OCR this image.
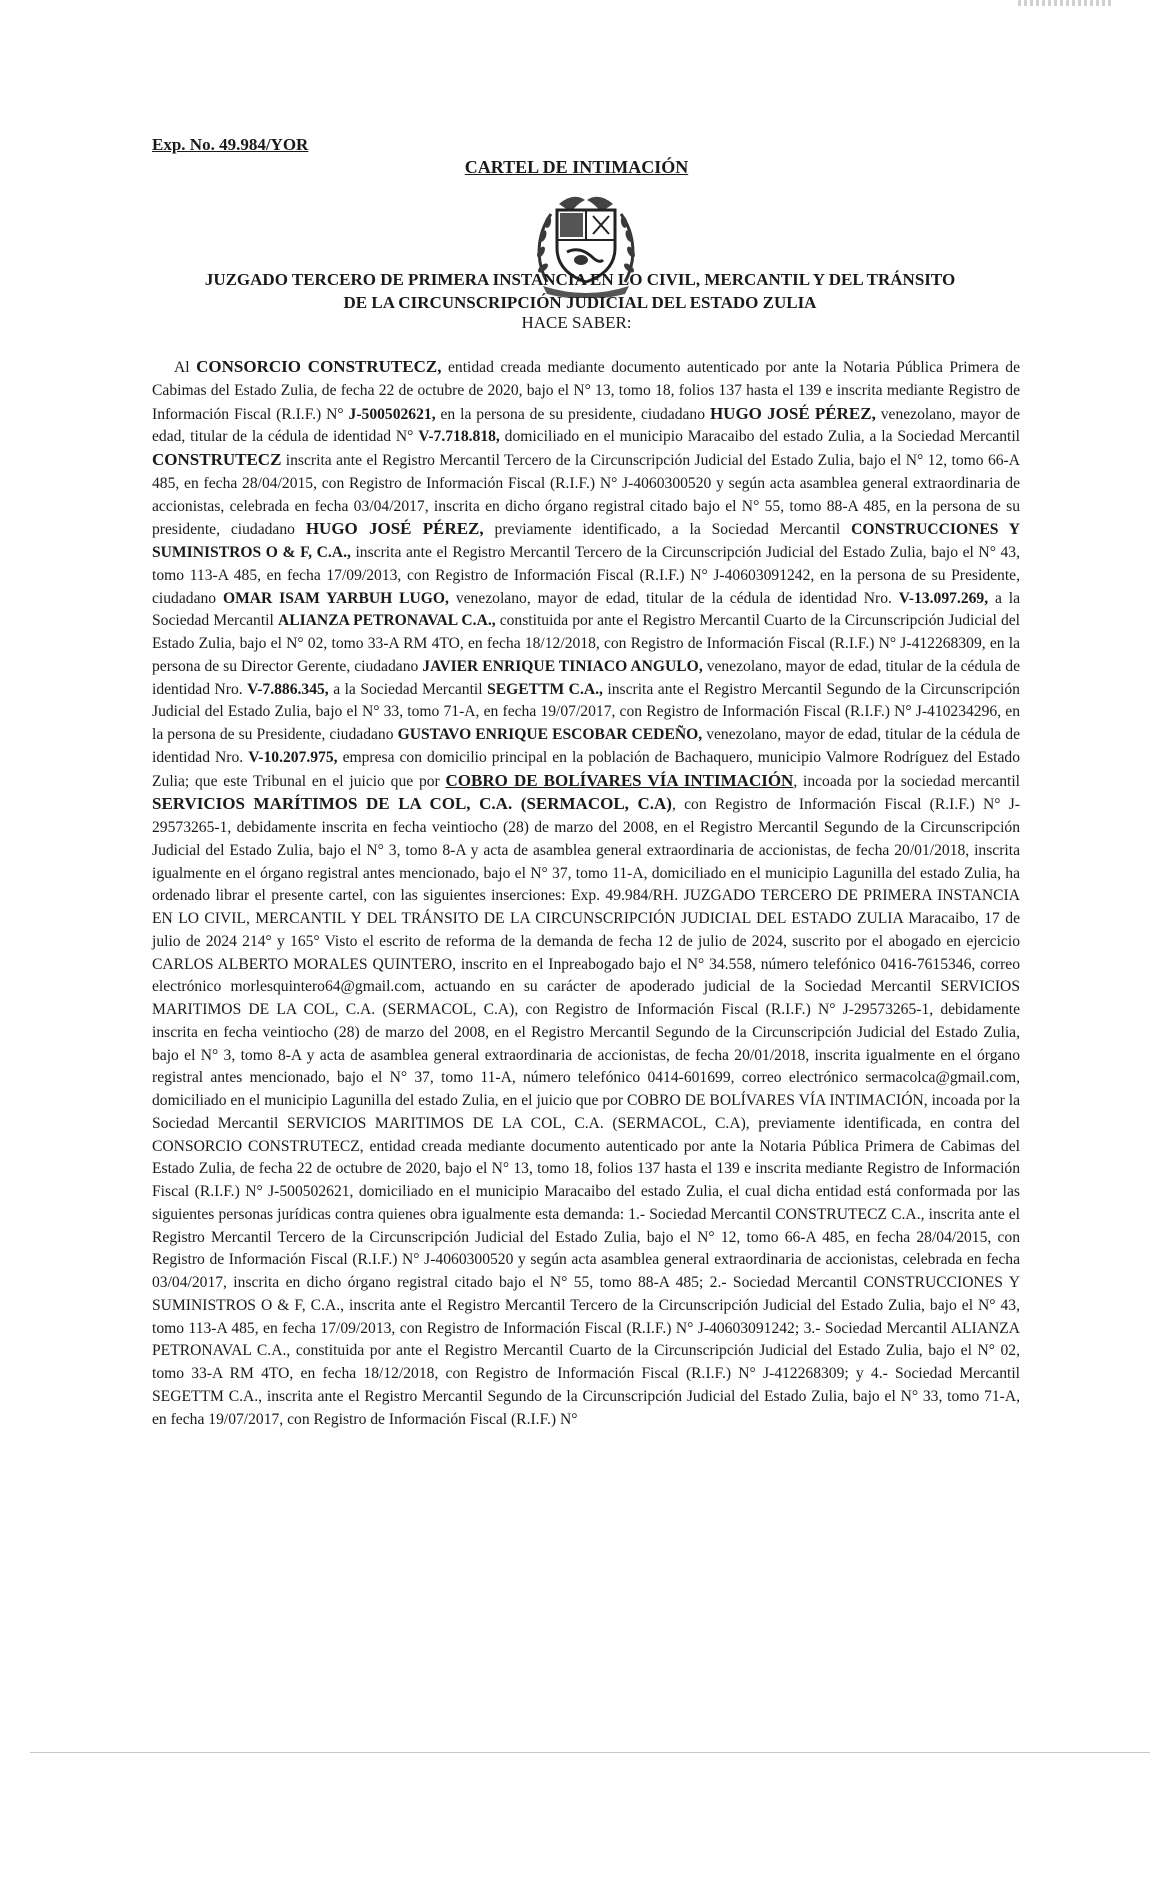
Exp. No. 49.984/YOR
CARTEL DE INTIMACIÓN
JUZGADO TERCERO DE PRIMERA INSTANCIA EN LO CIVIL, MERCANTIL Y DEL TRÁNSITO
DE LA CIRCUNSCRIPCIÓN JUDICIAL DEL ESTADO ZULIA
HACE SABER:

Al CONSORCIO CONSTRUTECZ, entidad creada mediante documento autenticado por ante la Notaria Pública Primera de Cabimas del Estado Zulia, de fecha 22 de octubre de 2020, bajo el N° 13, tomo 18, folios 137 hasta el 139 e inscrita mediante Registro de Información Fiscal (R.I.F.) N° J-500502621, en la persona de su presidente, ciudadano HUGO JOSÉ PÉREZ, venezolano, mayor de edad, titular de la cédula de identidad N° V-7.718.818, domiciliado en el municipio Maracaibo del estado Zulia, a la Sociedad Mercantil CONSTRUTECZ inscrita ante el Registro Mercantil Tercero de la Circunscripción Judicial del Estado Zulia, bajo el N° 12, tomo 66-A 485, en fecha 28/04/2015, con Registro de Información Fiscal (R.I.F.) N° J-4060300520 y según acta asamblea general extraordinaria de accionistas, celebrada en fecha 03/04/2017, inscrita en dicho órgano registral citado bajo el N° 55, tomo 88-A 485, en la persona de su presidente, ciudadano HUGO JOSÉ PÉREZ, previamente identificado, a la Sociedad Mercantil CONSTRUCCIONES Y SUMINISTROS O & F, C.A., inscrita ante el Registro Mercantil Tercero de la Circunscripción Judicial del Estado Zulia, bajo el N° 43, tomo 113-A 485, en fecha 17/09/2013, con Registro de Información Fiscal (R.I.F.) N° J-40603091242, en la persona de su Presidente, ciudadano OMAR ISAM YARBUH LUGO, venezolano, mayor de edad, titular de la cédula de identidad Nro. V-13.097.269, a la Sociedad Mercantil ALIANZA PETRONAVAL C.A., constituida por ante el Registro Mercantil Cuarto de la Circunscripción Judicial del Estado Zulia, bajo el N° 02, tomo 33-A RM 4TO, en fecha 18/12/2018, con Registro de Información Fiscal (R.I.F.) N° J-412268309, en la persona de su Director Gerente, ciudadano JAVIER ENRIQUE TINIACO ANGULO, venezolano, mayor de edad, titular de la cédula de identidad Nro. V-7.886.345, a la Sociedad Mercantil SEGETTM C.A., inscrita ante el Registro Mercantil Segundo de la Circunscripción Judicial del Estado Zulia, bajo el N° 33, tomo 71-A, en fecha 19/07/2017, con Registro de Información Fiscal (R.I.F.) N° J-410234296, en la persona de su Presidente, ciudadano GUSTAVO ENRIQUE ESCOBAR CEDEÑO, venezolano, mayor de edad, titular de la cédula de identidad Nro. V-10.207.975, empresa con domicilio principal en la población de Bachaquero, municipio Valmore Rodríguez del Estado Zulia; que este Tribunal en el juicio que por COBRO DE BOLÍVARES VÍA INTIMACIÓN, incoada por la sociedad mercantil SERVICIOS MARÍTIMOS DE LA COL, C.A. (SERMACOL, C.A), con Registro de Información Fiscal (R.I.F.) N° J-29573265-1, debidamente inscrita en fecha veintiocho (28) de marzo del 2008, en el Registro Mercantil Segundo de la Circunscripción Judicial del Estado Zulia, bajo el N° 3, tomo 8-A y acta de asamblea general extraordinaria de accionistas, de fecha 20/01/2018, inscrita igualmente en el órgano registral antes mencionado, bajo el N° 37, tomo 11-A, domiciliado en el municipio Lagunilla del estado Zulia, ha ordenado librar el presente cartel, con las siguientes inserciones: Exp. 49.984/RH. JUZGADO TERCERO DE PRIMERA INSTANCIA EN LO CIVIL, MERCANTIL Y DEL TRÁNSITO DE LA CIRCUNSCRIPCIÓN JUDICIAL DEL ESTADO ZULIA Maracaibo, 17 de julio de 2024 214° y 165° Visto el escrito de reforma de la demanda de fecha 12 de julio de 2024, suscrito por el abogado en ejercicio CARLOS ALBERTO MORALES QUINTERO, inscrito en el Inpreabogado bajo el N° 34.558, número telefónico 0416-7615346, correo electrónico morlesquintero64@gmail.com, actuando en su carácter de apoderado judicial de la Sociedad Mercantil SERVICIOS MARITIMOS DE LA COL, C.A. (SERMACOL, C.A), con Registro de Información Fiscal (R.I.F.) N° J-29573265-1, debidamente inscrita en fecha veintiocho (28) de marzo del 2008, en el Registro Mercantil Segundo de la Circunscripción Judicial del Estado Zulia, bajo el N° 3, tomo 8-A y acta de asamblea general extraordinaria de accionistas, de fecha 20/01/2018, inscrita igualmente en el órgano registral antes mencionado, bajo el N° 37, tomo 11-A, número telefónico 0414-601699, correo electrónico sermacolca@gmail.com, domiciliado en el municipio Lagunilla del estado Zulia, en el juicio que por COBRO DE BOLÍVARES VÍA INTIMACIÓN, incoada por la Sociedad Mercantil SERVICIOS MARITIMOS DE LA COL, C.A. (SERMACOL, C.A), previamente identificada, en contra del CONSORCIO CONSTRUTECZ, entidad creada mediante documento autenticado por ante la Notaria Pública Primera de Cabimas del Estado Zulia, de fecha 22 de octubre de 2020, bajo el N° 13, tomo 18, folios 137 hasta el 139 e inscrita mediante Registro de Información Fiscal (R.I.F.) N° J-500502621, domiciliado en el municipio Maracaibo del estado Zulia, el cual dicha entidad está conformada por las siguientes personas jurídicas contra quienes obra igualmente esta demanda: 1.- Sociedad Mercantil CONSTRUTECZ C.A., inscrita ante el Registro Mercantil Tercero de la Circunscripción Judicial del Estado Zulia, bajo el N° 12, tomo 66-A 485, en fecha 28/04/2015, con Registro de Información Fiscal (R.I.F.) N° J-4060300520 y según acta asamblea general extraordinaria de accionistas, celebrada en fecha 03/04/2017, inscrita en dicho órgano registral citado bajo el N° 55, tomo 88-A 485; 2.- Sociedad Mercantil CONSTRUCCIONES Y SUMINISTROS O & F, C.A., inscrita ante el Registro Mercantil Tercero de la Circunscripción Judicial del Estado Zulia, bajo el N° 43, tomo 113-A 485, en fecha 17/09/2013, con Registro de Información Fiscal (R.I.F.) N° J-40603091242; 3.- Sociedad Mercantil ALIANZA PETRONAVAL C.A., constituida por ante el Registro Mercantil Cuarto de la Circunscripción Judicial del Estado Zulia, bajo el N° 02, tomo 33-A RM 4TO, en fecha 18/12/2018, con Registro de Información Fiscal (R.I.F.) N° J-412268309; y 4.- Sociedad Mercantil SEGETTM C.A., inscrita ante el Registro Mercantil Segundo de la Circunscripción Judicial del Estado Zulia, bajo el N° 33, tomo 71-A, en fecha 19/07/2017, con Registro de Información Fiscal (R.I.F.) N°
